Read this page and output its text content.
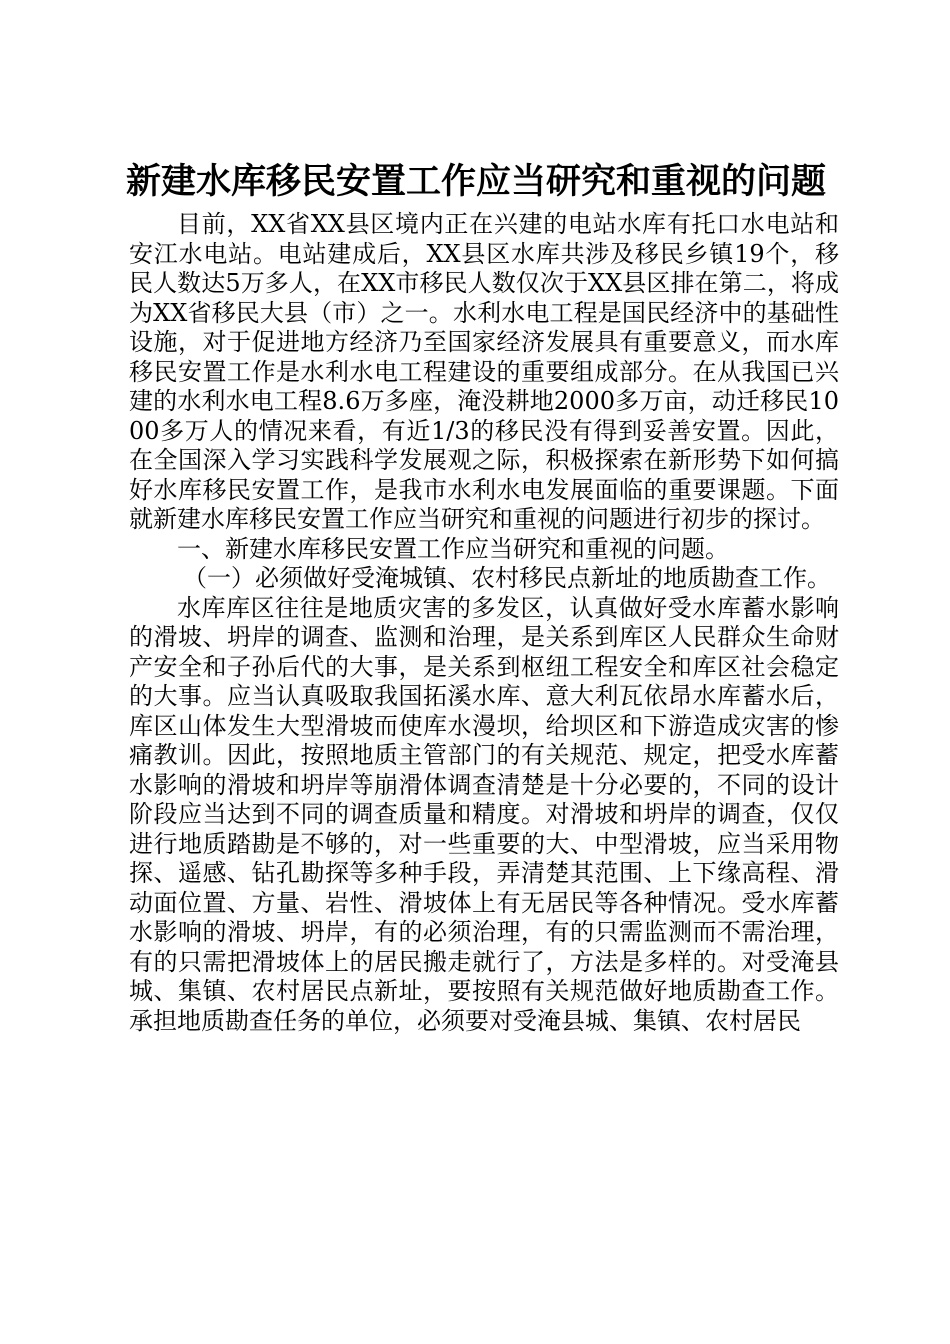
新建水库移民安置工作应当研究和重视的问题

目前，XX省XX县区境内正在兴建的电站水库有托口水电站和安江水电站。电站建成后，XX县区水库共涉及移民乡镇19个，移民人数达5万多人，在XX市移民人数仅次于XX县区排在第二，将成为XX省移民大县（市）之一。水利水电工程是国民经济中的基础性设施，对于促进地方经济乃至国家经济发展具有重要意义，而水库移民安置工作是水利水电工程建设的重要组成部分。在从我国已兴建的水利水电工程8.6万多座，淹没耕地2000多万亩，动迁移民1000多万人的情况来看，有近1/3的移民没有得到妥善安置。因此，在全国深入学习实践科学发展观之际，积极探索在新形势下如何搞好水库移民安置工作，是我市水利水电发展面临的重要课题。下面就新建水库移民安置工作应当研究和重视的问题进行初步的探讨。

一、新建水库移民安置工作应当研究和重视的问题。

（一）必须做好受淹城镇、农村移民点新址的地质勘查工作。

水库库区往往是地质灾害的多发区，认真做好受水库蓄水影响的滑坡、坍岸的调查、监测和治理，是关系到库区人民群众生命财产安全和子孙后代的大事，是关系到枢纽工程安全和库区社会稳定的大事。应当认真吸取我国拓溪水库、意大利瓦依昂水库蓄水后，库区山体发生大型滑坡而使库水漫坝，给坝区和下游造成灾害的惨痛教训。因此，按照地质主管部门的有关规范、规定，把受水库蓄水影响的滑坡和坍岸等崩滑体调查清楚是十分必要的，不同的设计阶段应当达到不同的调查质量和精度。对滑坡和坍岸的调查，仅仅进行地质踏勘是不够的，对一些重要的大、中型滑坡，应当采用物探、遥感、钻孔勘探等多种手段，弄清楚其范围、上下缘高程、滑动面位置、方量、岩性、滑坡体上有无居民等各种情况。受水库蓄水影响的滑坡、坍岸，有的必须治理，有的只需监测而不需治理，有的只需把滑坡体上的居民搬走就行了，方法是多样的。对受淹县城、集镇、农村居民点新址，要按照有关规范做好地质勘查工作。承担地质勘查任务的单位，必须要对受淹县城、集镇、农村居民
